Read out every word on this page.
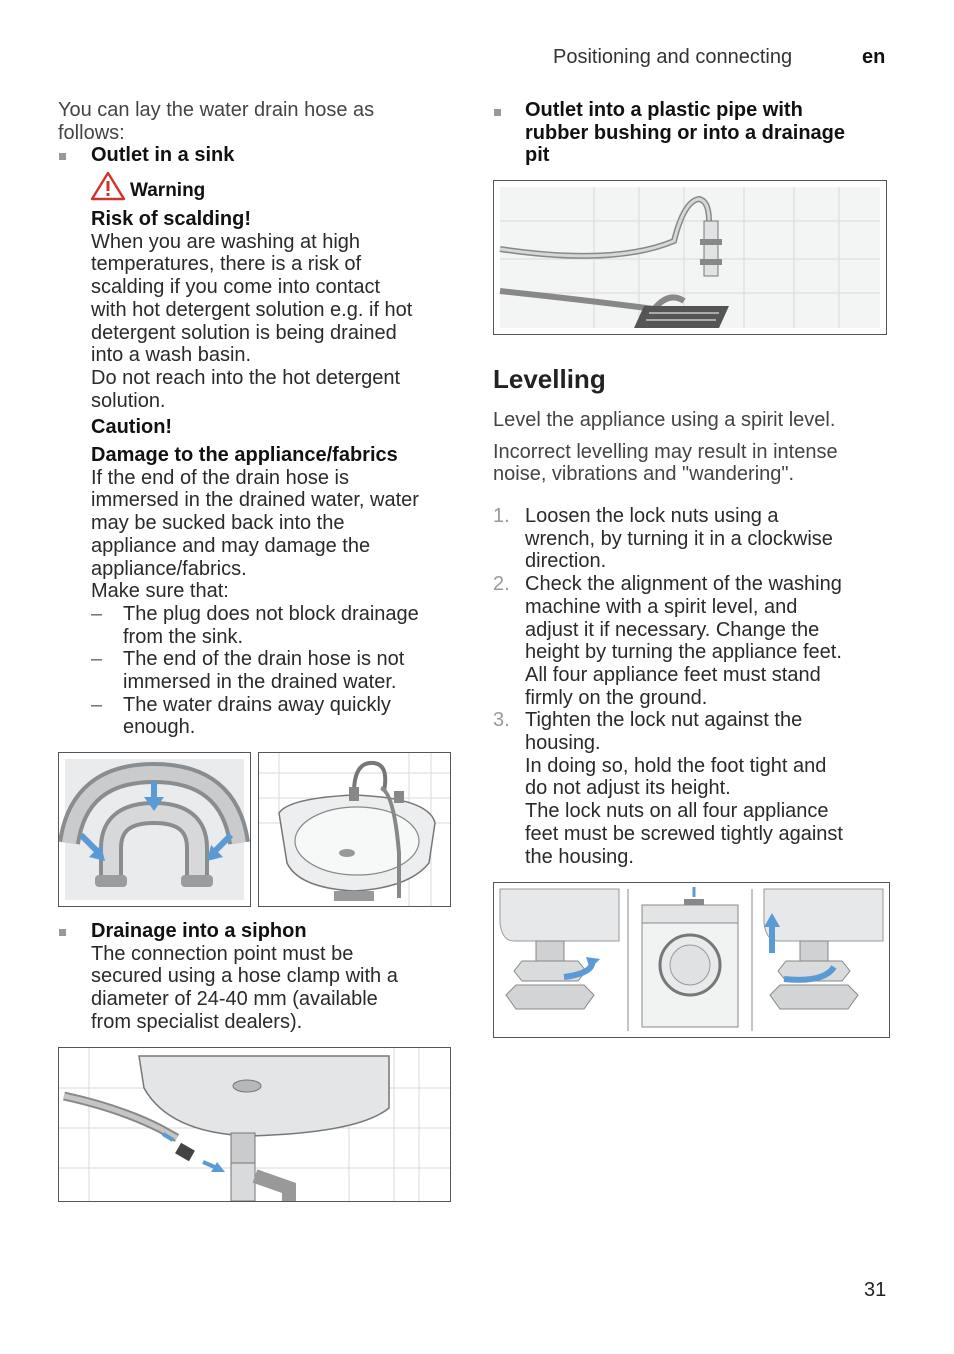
Positioning and connecting	en
You can lay the water drain hose as follows:
Outlet in a sink
Warning

Risk of scalding!

When you are washing at high

temperatures, there is a risk of

scalding if you come into contact

with hot detergent solution e.g. if hot

detergent solution is being drained

into a wash basin.

Do not reach into the hot detergent

solution.

Caution!

Damage to the appliance/fabrics

If the end of the drain hose is

immersed in the drained water, water

may be sucked back into the

appliance and may damage the

appliance/fabrics.

Make sure that:

– The plug does not block drainage

from the sink.

– The end of the drain hose is not

immersed in the drained water.

– The water drains away quickly

enough.

Drainage into a siphon

The connection point must be

secured using a hose clamp with a

diameter of 24-40 mm (available

from specialist dealers).

Outlet into a plastic pipe with

rubber bushing or into a drainage

pit

Levelling

Level the appliance using a spirit level.

Incorrect levelling may result in intense

noise, vibrations and "wandering".

1. Loosen the lock nuts using a

wrench, by turning it in a clockwise

direction.

2. Check the alignment of the washing

machine with a spirit level, and

adjust it if necessary. Change the

height by turning the appliance feet.

All four appliance feet must stand

firmly on the ground.

3. Tighten the lock nut against the

housing.

In doing so, hold the foot tight and

do not adjust its height.

The lock nuts on all four appliance

feet must be screwed tightly against

the housing.

31
